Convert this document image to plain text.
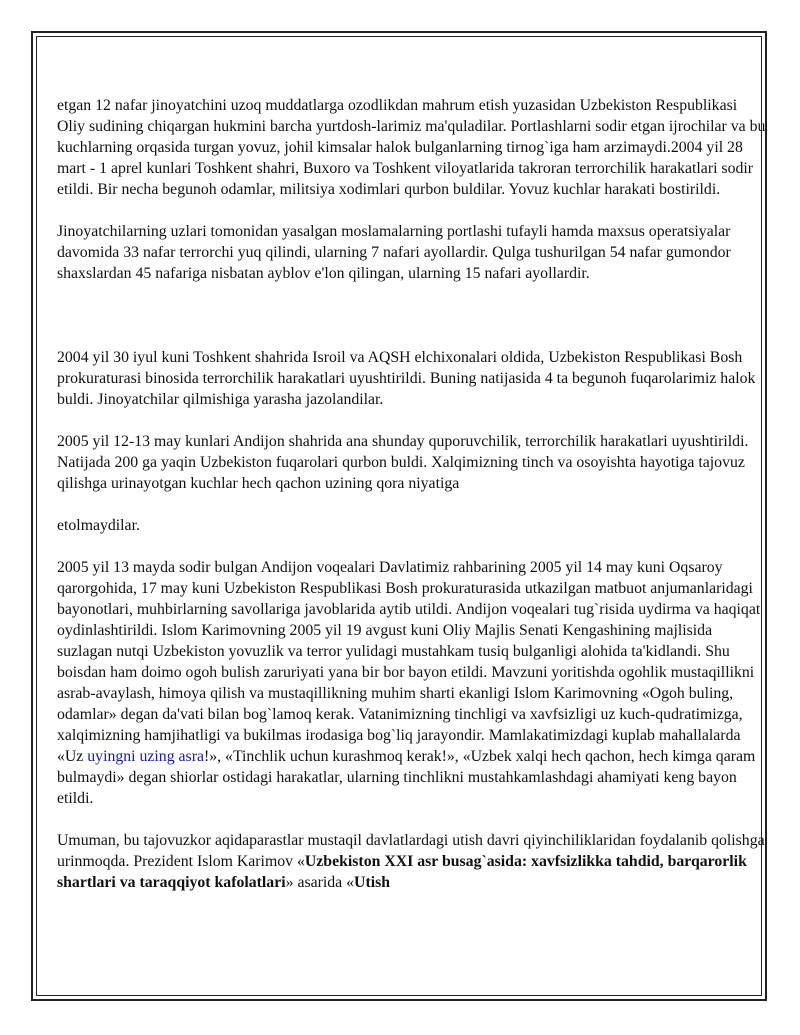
etgan 12 nafar jinoyatchini uzoq muddatlarga ozodlikdan mahrum etish yuzasidan Uzbekiston Respublikasi Oliy sudining chiqargan hukmini barcha yurtdosh-larimiz ma'quladilar. Portlashlarni sodir etgan ijrochilar va bu kuchlarning orqasida turgan yovuz, johil kimsalar halok bulganlarning tirnog`iga ham arzimaydi.2004 yil 28 mart - 1 aprel kunlari Toshkent shahri, Buxoro va Toshkent viloyatlarida takroran terrorchilik harakatlari sodir etildi. Bir necha begunoh odamlar, militsiya xodimlari qurbon buldilar. Yovuz kuchlar harakati bostirildi.

Jinoyatchilarning uzlari tomonidan yasalgan moslamalarning portlashi tufayli hamda maxsus operatsiyalar davomida 33 nafar terrorchi yuq qilindi, ularning 7 nafari ayollardir. Qulga tushurilgan 54 nafar gumondor shaxslardan 45 nafariga nisbatan ayblov e'lon qilingan, ularning 15 nafari ayollardir.

2004 yil 30 iyul kuni Toshkent shahrida Isroil va AQSH elchixonalari oldida, Uzbekiston Respublikasi Bosh prokuraturasi binosida terrorchilik harakatlari uyushtirildi. Buning natijasida 4 ta begunoh fuqarolarimiz halok buldi. Jinoyatchilar qilmishiga yarasha jazolandilar.

2005 yil 12-13 may kunlari Andijon shahrida ana shunday quporuvchilik, terrorchilik harakatlari uyushtirildi. Natijada 200 ga yaqin Uzbekiston fuqarolari qurbon buldi. Xalqimizning tinch va osoyishta hayotiga tajovuz qilishga urinayotgan kuchlar hech qachon uzining qora niyatiga

etolmaydilar.

2005 yil 13 mayda sodir bulgan Andijon voqealari Davlatimiz rahbarining 2005 yil 14 may kuni Oqsaroy qarorgohida, 17 may kuni Uzbekiston Respublikasi Bosh prokuraturasida utkazilgan matbuot anjumanlaridagi bayonotlari, muhbirlarning savollariga javoblarida aytib utildi. Andijon voqealari tug`risida uydirma va haqiqat oydinlashtirildi. Islom Karimovning 2005 yil 19 avgust kuni Oliy Majlis Senati Kengashining majlisida suzlagan nutqi Uzbekiston yovuzlik va terror yulidagi mustahkam tusiq bulganligi alohida ta'kidlandi. Shu boisdan ham doimo ogoh bulish zaruriyati yana bir bor bayon etildi. Mavzuni yoritishda ogohlik mustaqillikni asrab-avaylash, himoya qilish va mustaqillikning muhim sharti ekanligi Islom Karimovning «Ogoh buling, odamlar» degan da'vati bilan bog`lamoq kerak. Vatanimizning tinchligi va xavfsizligi uz kuch-qudratimizga, xalqimizning hamjihatligi va bukilmas irodasiga bog`liq jarayondir. Mamlakatimizdagi kuplab mahallalarda «Uz uyingni uzing asra!», «Tinchlik uchun kurashmoq kerak!», «Uzbek xalqi hech qachon, hech kimga qaram bulmaydi» degan shiorlar ostidagi harakatlar, ularning tinchlikni mustahkamlashdagi ahamiyati keng bayon etildi.

Umuman, bu tajovuzkor aqidaparastlar mustaqil davlatlardagi utish davri qiyinchiliklaridan foydalanib qolishga urinmoqda. Prezident Islom Karimov «Uzbekiston XXI asr busag`asida: xavfsizlikka tahdid, barqarorlik shartlari va taraqqiyot kafolatlari» asarida «Utish
